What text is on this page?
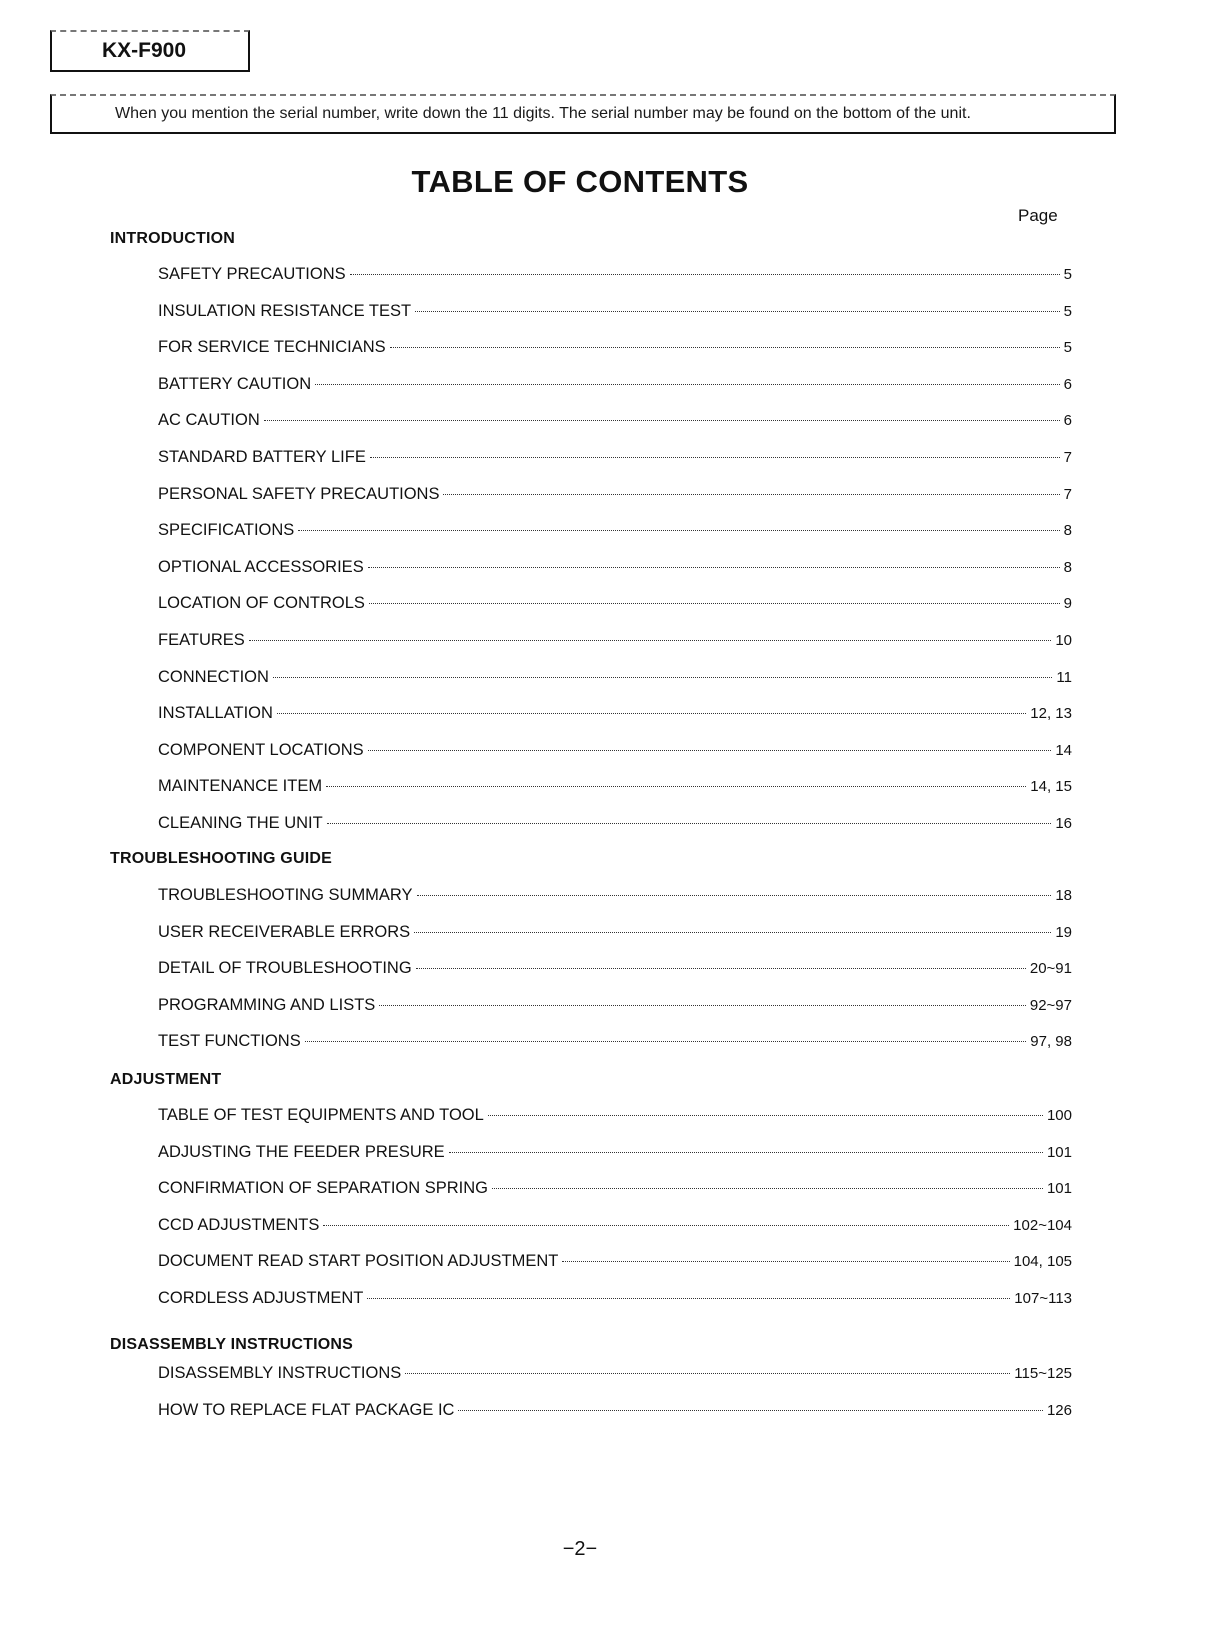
KX-F900
When you mention the serial number, write down the 11 digits. The serial number may be found on the bottom of the unit.
TABLE OF CONTENTS
Page
INTRODUCTION
SAFETY PRECAUTIONS	5
INSULATION RESISTANCE TEST	5
FOR SERVICE TECHNICIANS	5
BATTERY CAUTION	6
AC CAUTION	6
STANDARD BATTERY LIFE	7
PERSONAL SAFETY PRECAUTIONS	7
SPECIFICATIONS	8
OPTIONAL ACCESSORIES	8
LOCATION OF CONTROLS	9
FEATURES	10
CONNECTION	11
INSTALLATION	12, 13
COMPONENT LOCATIONS	14
MAINTENANCE ITEM	14, 15
CLEANING THE UNIT	16
TROUBLESHOOTING GUIDE
TROUBLESHOOTING SUMMARY	18
USER RECEIVERABLE ERRORS	19
DETAIL OF TROUBLESHOOTING	20~91
PROGRAMMING AND LISTS	92~97
TEST FUNCTIONS	97, 98
ADJUSTMENT
TABLE OF TEST EQUIPMENTS AND TOOL	100
ADJUSTING THE FEEDER PRESURE	101
CONFIRMATION OF SEPARATION SPRING	101
CCD ADJUSTMENTS	102~104
DOCUMENT READ START POSITION ADJUSTMENT	104, 105
CORDLESS ADJUSTMENT	107~113
DISASSEMBLY INSTRUCTIONS
DISASSEMBLY INSTRUCTIONS	115~125
HOW TO REPLACE FLAT PACKAGE IC	126
−2−
